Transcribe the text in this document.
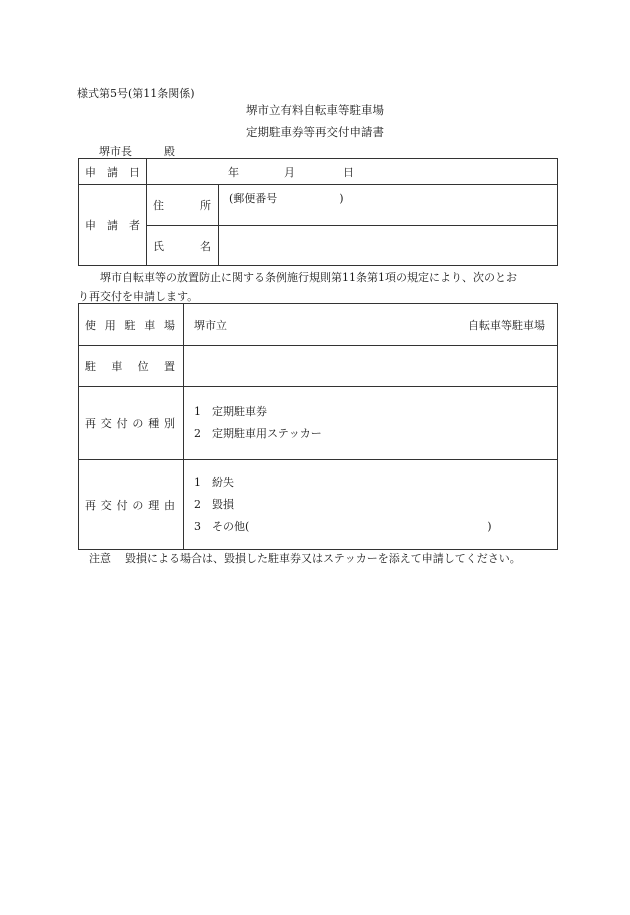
様式第5号(第11条関係)
堺市立有料自転車等駐車場
定期駐車券等再交付申請書
堺市長	殿
申請日	年 月 日	

申請者	住所	(郵便番号 )
	氏名	
堺市自転車等の放置防止に関する条例施行規則第11条第1項の規定により、次のとお
り再交付を申請します。
使用駐車場	堺市立 自転車等駐車場

駐車位置	
再交付の種別	1 定期駐車券
2 定期駐車用ステッカー

再交付の理由	1 紛失
2 毀損
3 その他( )
注意 毀損による場合は、毀損した駐車券又はステッカーを添えて申請してください。
